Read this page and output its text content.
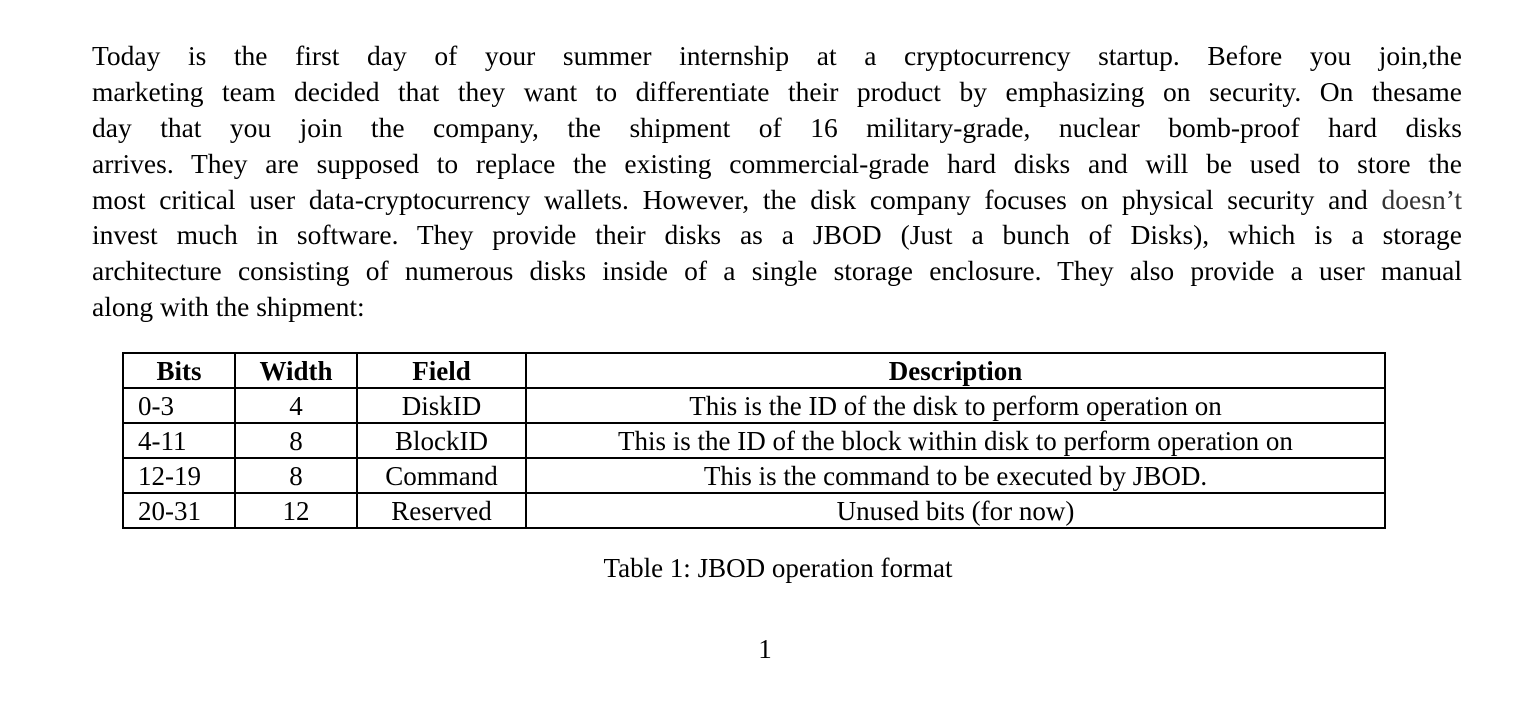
Today is the first day of your summer internship at a cryptocurrency startup. Before you join,the
marketing team decided that they want to differentiate their product by emphasizing on security. On thesame
day that you join the company, the shipment of 16 military-grade, nuclear bomb-proof hard disks
arrives. They are supposed to replace the existing commercial-grade hard disks and will be used to store the
most critical user data-cryptocurrency wallets. However, the disk company focuses on physical security and doesn’t
invest much in software. They provide their disks as a JBOD (Just a bunch of Disks), which is a storage
architecture consisting of numerous disks inside of a single storage enclosure. They also provide a user manual
along with the shipment:
Bits	Width	Field	Description
0-3	4	DiskID	This is the ID of the disk to perform operation on
4-11	8	BlockID	This is the ID of the block within disk to perform operation on
12-19	8	Command	This is the command to be executed by JBOD.
20-31	12	Reserved	Unused bits (for now)

Table 1: JBOD operation format

1
